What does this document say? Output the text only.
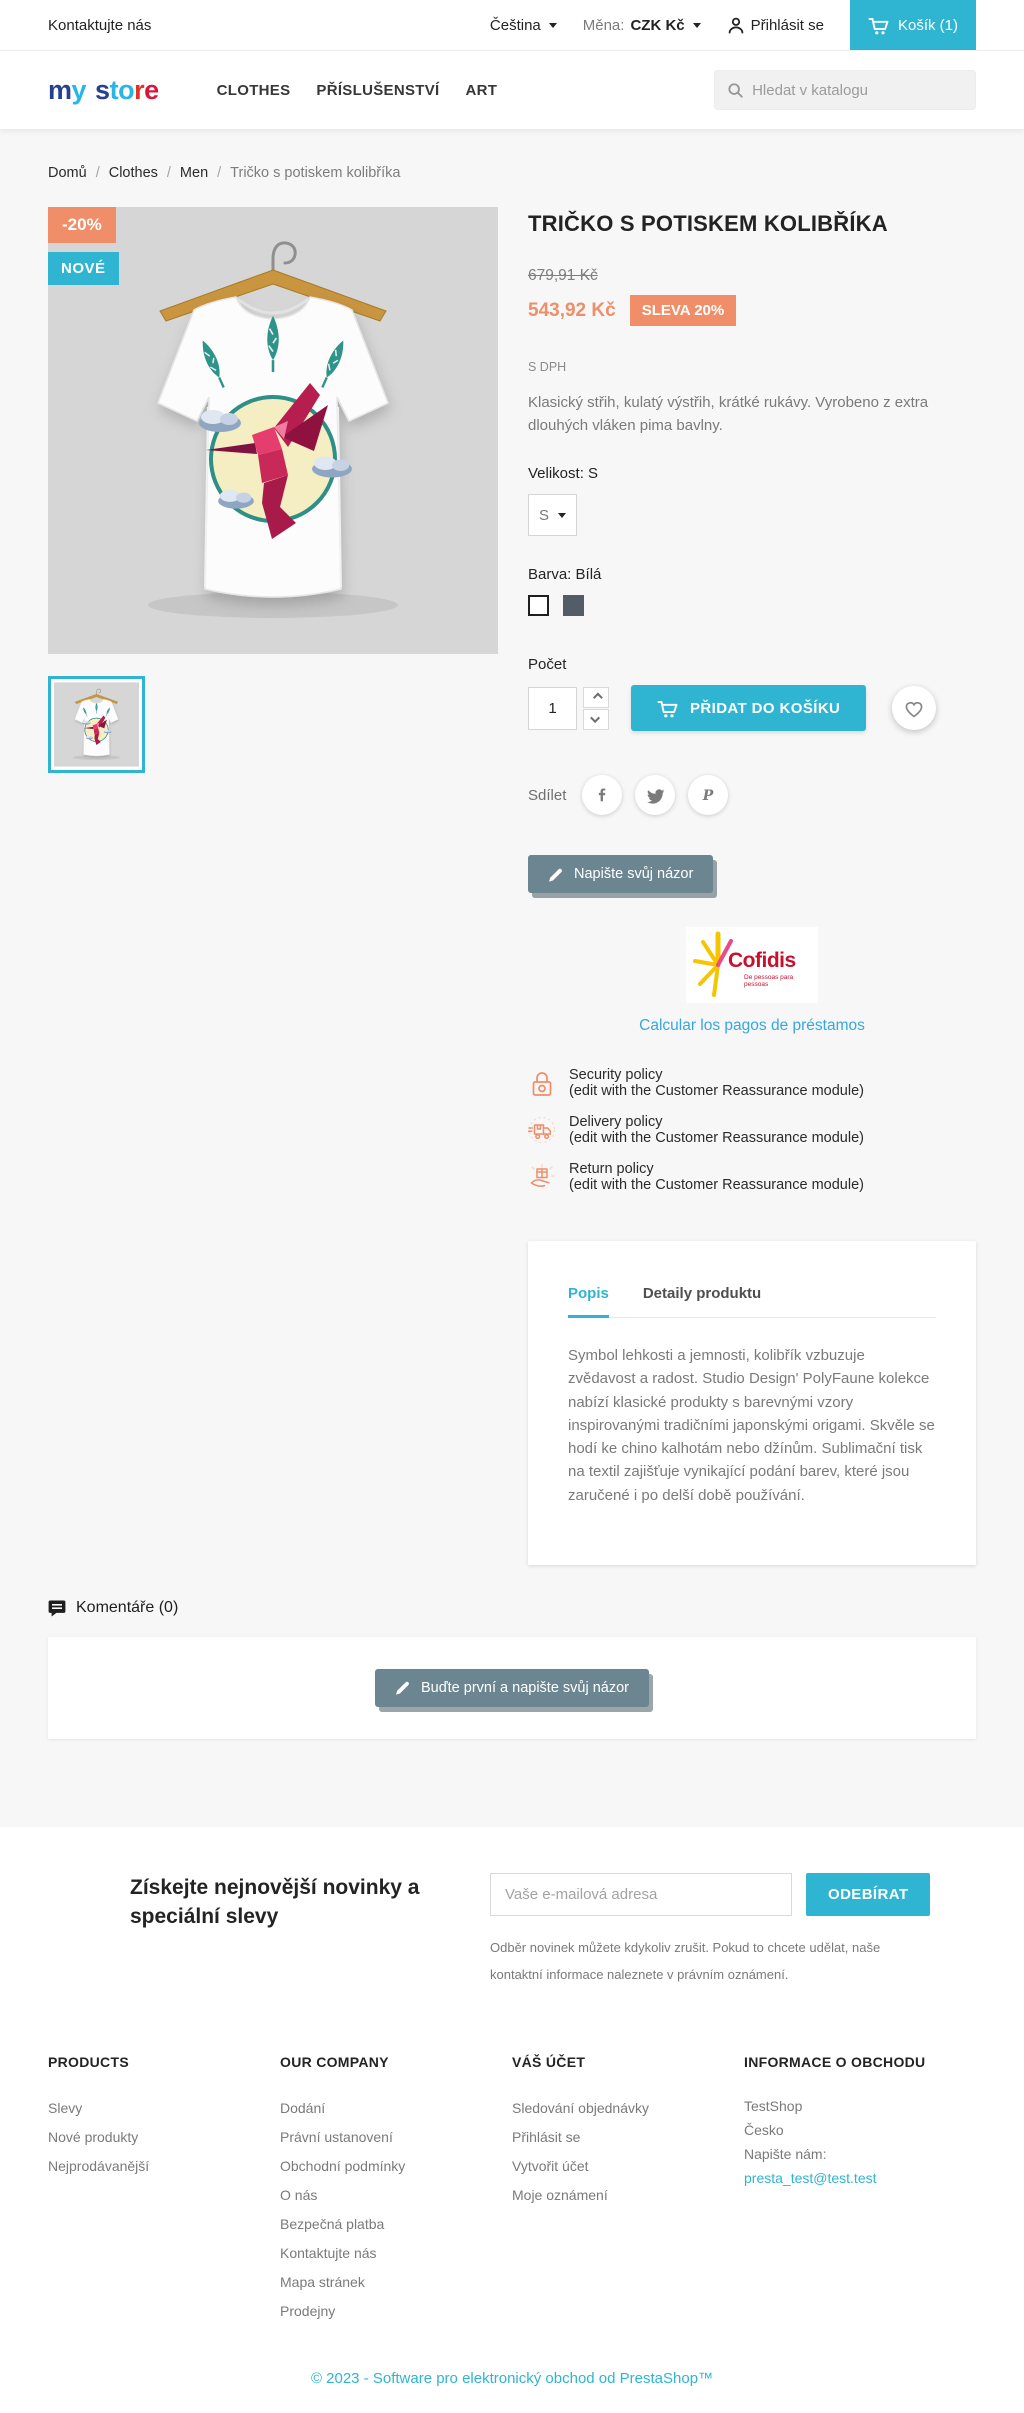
Kontaktujte nás	Čeština	Měna: CZK Kč	Přihlásit se	Košík (1)
my store	CLOTHES PŘÍSLUŠENSTVÍ ART
Hledat v katalogu
Domů / Clothes / Men / Tričko s potiskem kolibříka
-20%
NOVÉ
TRIČKO S POTISKEM KOLIBŘÍKA
679,91 Kč
543,92 Kč	SLEVA 20%
S DPH

Klasický střih, kulatý výstřih, krátké rukávy. Vyrobeno z extra dlouhých vláken pima bavlny.

Velikost: S
S
Barva: Bílá
Počet
1
PŘIDAT DO KOŠÍKU
Sdílet	P
Napište svůj názor
Cofidis
De pessoas para pessoas
Calcular los pagos de préstamos
Security policy
(edit with the Customer Reassurance module)
Delivery policy
(edit with the Customer Reassurance module)
Return policy
(edit with the Customer Reassurance module)
Popis Detaily produktu

Symbol lehkosti a jemnosti, kolibřík vzbuzuje zvědavost a radost. Studio Design' PolyFaune kolekce nabízí klasické produkty s barevnými vzory inspirovanými tradičními japonskými origami. Skvěle se hodí ke chino kalhotám nebo džínům. Sublimační tisk na textil zajišťuje vynikající podání barev, které jsou zaručené i po delší době používání.

Komentáře (0)
Buďte první a napište svůj názor
Získejte nejnovější novinky a speciální slevy
Vaše e-mailová adresa
ODEBÍRAT
Odběr novinek můžete kdykoliv zrušit. Pokud to chcete udělat, naše
kontaktní informace naleznete v právním oznámení.
PRODUCTS
Slevy
Nové produkty
Nejprodávanější
OUR COMPANY
Dodání
Právní ustanovení
Obchodní podmínky
O nás
Bezpečná platba
Kontaktujte nás
Mapa stránek
Prodejny
VÁŠ ÚČET
Sledování objednávky
Přihlásit se
Vytvořit účet
Moje oznámení
INFORMACE O OBCHODU
TestShop
Česko
Napište nám:
presta_test@test.test
© 2023 - Software pro elektronický obchod od PrestaShop™
